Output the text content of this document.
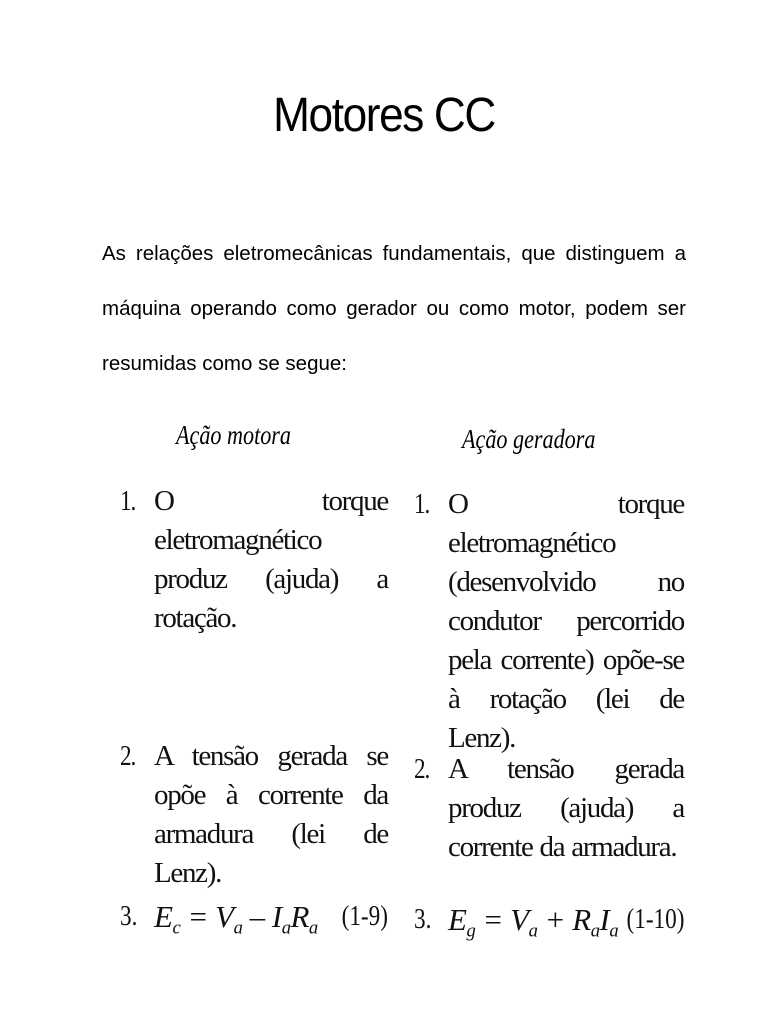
Motores CC
As relações eletromecânicas fundamentais, que distinguem a máquina operando como gerador ou como motor, podem ser resumidas como se segue:
Ação motora
1. O torque eletromagnético produz (ajuda) a rotação.
2. A tensão gerada se opõe à corrente da armadura (lei de Lenz).
3. $E_c = V_a - I_aR_a$ (1-9)
Ação geradora
1. O torque eletromagnético (desenvolvido no condutor percorrido pela corrente) opõe-se à rotação (lei de Lenz).
2. A tensão gerada produz (ajuda) a corrente da armadura.
3. $E_g = V_a + R_aI_a$ (1-10)
